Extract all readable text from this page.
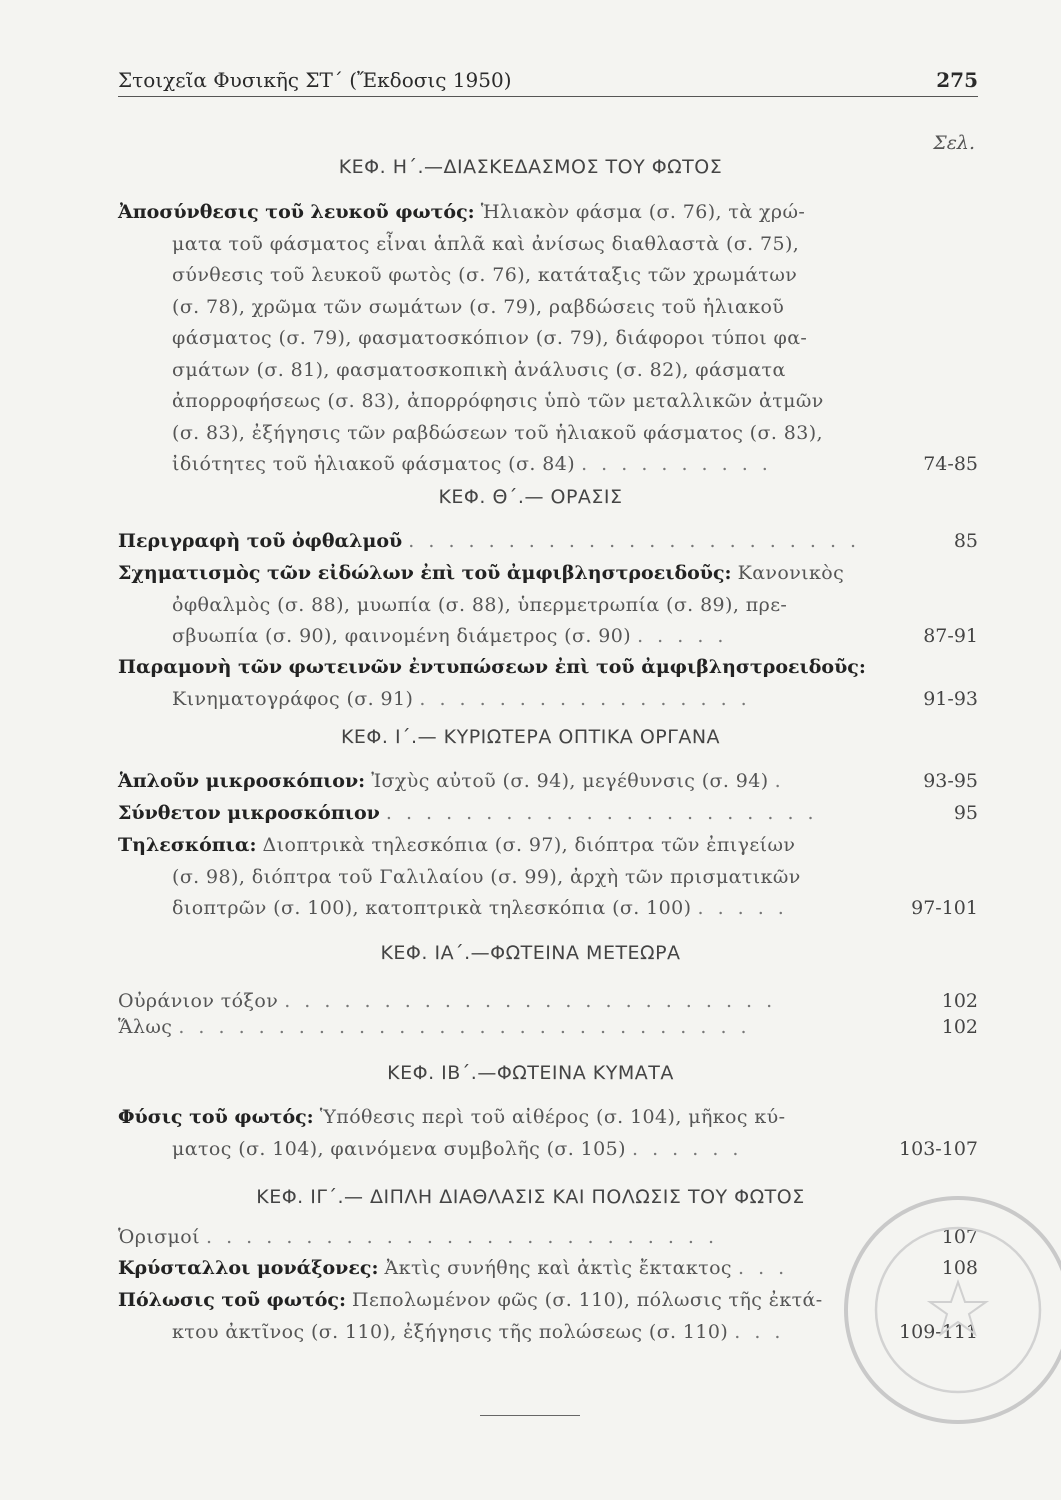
Στοιχεῖα Φυσικῆς ΣΤ΄ (Ἔκδοσις 1950)	275
Σελ.
ΚΕΦ. Η΄.—ΔΙΑΣΚΕΔΑΣΜΟΣ ΤΟΥ ΦΩΤΟΣ
Ἀποσύνθεσις τοῦ λευκοῦ φωτός: Ἡλιακὸν φάσμα (σ. 76), τὰ χρώ-
ματα τοῦ φάσματος εἶναι ἁπλᾶ καὶ ἀνίσως διαθλαστὰ (σ. 75),
σύνθεσις τοῦ λευκοῦ φωτὸς (σ. 76), κατάταξις τῶν χρωμάτων
(σ. 78), χρῶμα τῶν σωμάτων (σ. 79), ραβδώσεις τοῦ ἡλιακοῦ
φάσματος (σ. 79), φασματοσκόπιον (σ. 79), διάφοροι τύποι φα-
σμάτων (σ. 81), φασματοσκοπικὴ ἀνάλυσις (σ. 82), φάσματα
ἀπορροφήσεως (σ. 83), ἀπορρόφησις ὑπὸ τῶν μεταλλικῶν ἀτμῶν
(σ. 83), ἐξήγησις τῶν ραβδώσεων τοῦ ἡλιακοῦ φάσματος (σ. 83),
ἰδιότητες τοῦ ἡλιακοῦ φάσματος (σ. 84) . . . . . . . . . .	74-85
ΚΕΦ. Θ΄.— ΟΡΑΣΙΣ
Περιγραφὴ τοῦ ὀφθαλμοῦ . . . . . . . . . . . . . . . . . . . . . . .	85
Σχηματισμὸς τῶν εἰδώλων ἐπὶ τοῦ ἀμφιβληστροειδοῦς: Κανονικὸς
ὀφθαλμὸς (σ. 88), μυωπία (σ. 88), ὑπερμετρωπία (σ. 89), πρε-
σβυωπία (σ. 90), φαινομένη διάμετρος (σ. 90) . . . . .	87-91
Παραμονὴ τῶν φωτεινῶν ἐντυπώσεων ἐπὶ τοῦ ἀμφιβληστροειδοῦς:
Κινηματογράφος (σ. 91) . . . . . . . . . . . . . . . . .	91-93
ΚΕΦ. Ι΄.— ΚΥΡΙΩΤΕΡΑ ΟΠΤΙΚΑ ΟΡΓΑΝΑ
Ἁπλοῦν μικροσκόπιον: Ἰσχὺς αὐτοῦ (σ. 94), μεγέθυνσις (σ. 94) .	93-95
Σύνθετον μικροσκόπιον . . . . . . . . . . . . . . . . . . . . . .	95
Τηλεσκόπια: Διοπτρικὰ τηλεσκόπια (σ. 97), διόπτρα τῶν ἐπιγείων
(σ. 98), διόπτρα τοῦ Γαλιλαίου (σ. 99), ἀρχὴ τῶν πρισματικῶν
διοπτρῶν (σ. 100), κατοπτρικὰ τηλεσκόπια (σ. 100) . . . . .	97-101
ΚΕΦ. ΙΑ΄.—ΦΩΤΕΙΝΑ ΜΕΤΕΩΡΑ
Οὐράνιον τόξον . . . . . . . . . . . . . . . . . . . . . . . . .	102
Ἅλως . . . . . . . . . . . . . . . . . . . . . . . . . . . . .	102
ΚΕΦ. ΙΒ΄.—ΦΩΤΕΙΝΑ ΚΥΜΑΤΑ
Φύσις τοῦ φωτός: Ὑπόθεσις περὶ τοῦ αἰθέρος (σ. 104), μῆκος κύ-
ματος (σ. 104), φαινόμενα συμβολῆς (σ. 105) . . . . . .	103-107
ΚΕΦ. ΙΓ΄.— ΔΙΠΛΗ ΔΙΑΘΛΑΣΙΣ ΚΑΙ ΠΟΛΩΣΙΣ ΤΟΥ ΦΩΤΟΣ
Ὁρισμοί . . . . . . . . . . . . . . . . . . . . . . . . . .	107
Κρύσταλλοι μονάξονες: Ἀκτὶς συνήθης καὶ ἀκτὶς ἔκτακτος . . .	108
Πόλωσις τοῦ φωτός: Πεπολωμένον φῶς (σ. 110), πόλωσις τῆς ἐκτά-
κτου ἀκτῖνος (σ. 110), ἐξήγησις τῆς πολώσεως (σ. 110) . . .	109-111
